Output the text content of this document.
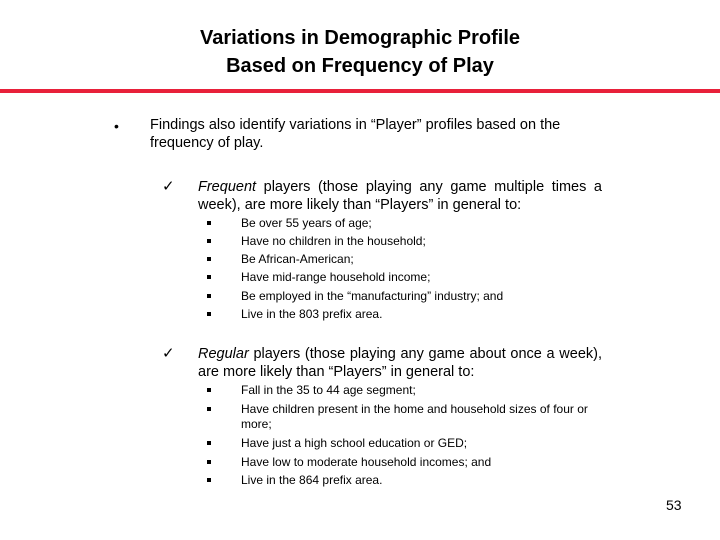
Variations in Demographic Profile
Based on Frequency of Play
• Findings also identify variations in “Player” profiles based on the frequency of play.
✓ Frequent players (those playing any game multiple times a week), are more likely than “Players” in general to:
Be over 55 years of age;
Have no children in the household;
Be African-American;
Have mid-range household income;
Be employed in the “manufacturing” industry; and
Live in the 803 prefix area.
✓ Regular players (those playing any game about once a week), are more likely than “Players” in general to:
Fall in the 35 to 44 age segment;
Have children present in the home and household sizes of four or more;
Have just a high school education or GED;
Have low to moderate household incomes; and
Live in the 864 prefix area.
53
